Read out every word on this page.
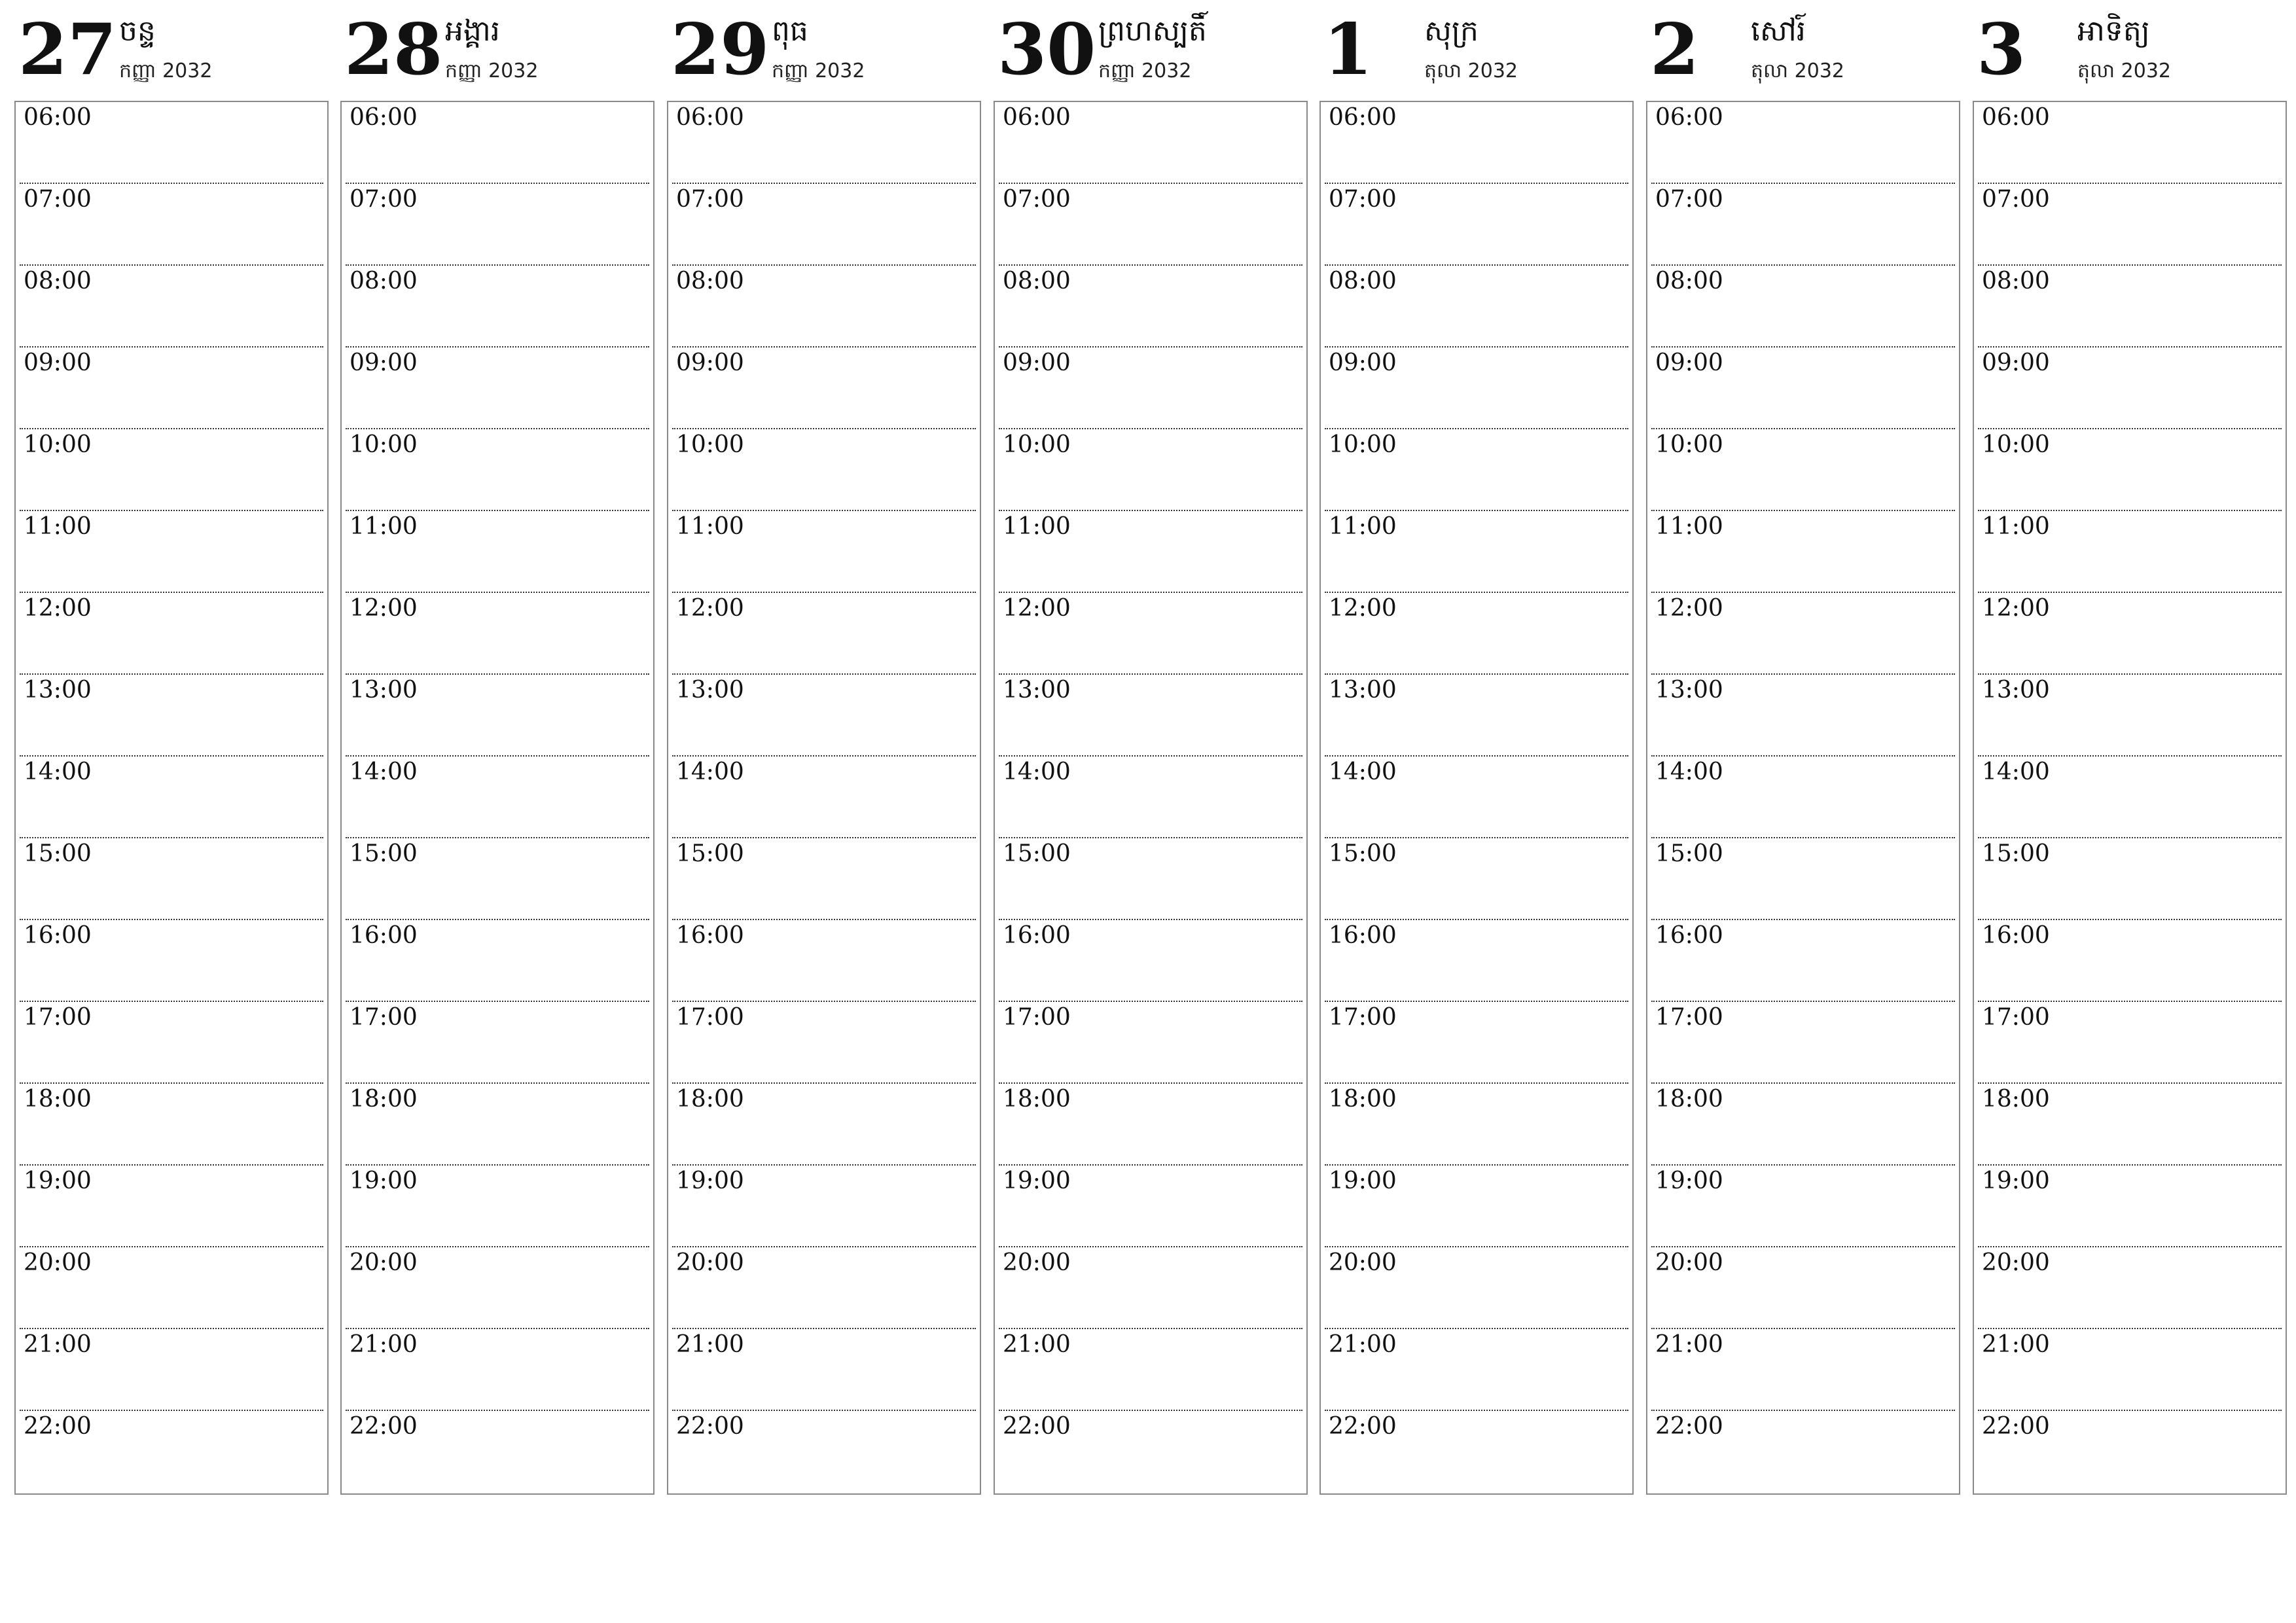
27 ចន្ទ
កញ្ញា 2032
06:00
07:00
08:00
09:00
10:00
11:00
12:00
13:00
14:00
15:00
16:00
17:00
18:00
19:00
20:00
21:00
22:00
28 អង្គារ
កញ្ញា 2032
06:00
07:00
08:00
09:00
10:00
11:00
12:00
13:00
14:00
15:00
16:00
17:00
18:00
19:00
20:00
21:00
22:00
29 ពុធ
កញ្ញា 2032
06:00
07:00
08:00
09:00
10:00
11:00
12:00
13:00
14:00
15:00
16:00
17:00
18:00
19:00
20:00
21:00
22:00
30 ព្រហស្បតិ៍
កញ្ញា 2032
06:00
07:00
08:00
09:00
10:00
11:00
12:00
13:00
14:00
15:00
16:00
17:00
18:00
19:00
20:00
21:00
22:00
1 សុក្រ
តុលា 2032
06:00
07:00
08:00
09:00
10:00
11:00
12:00
13:00
14:00
15:00
16:00
17:00
18:00
19:00
20:00
21:00
22:00
2 សៅរ៍
តុលា 2032
06:00
07:00
08:00
09:00
10:00
11:00
12:00
13:00
14:00
15:00
16:00
17:00
18:00
19:00
20:00
21:00
22:00
3 អាទិត្យ
តុលា 2032
06:00
07:00
08:00
09:00
10:00
11:00
12:00
13:00
14:00
15:00
16:00
17:00
18:00
19:00
20:00
21:00
22:00
